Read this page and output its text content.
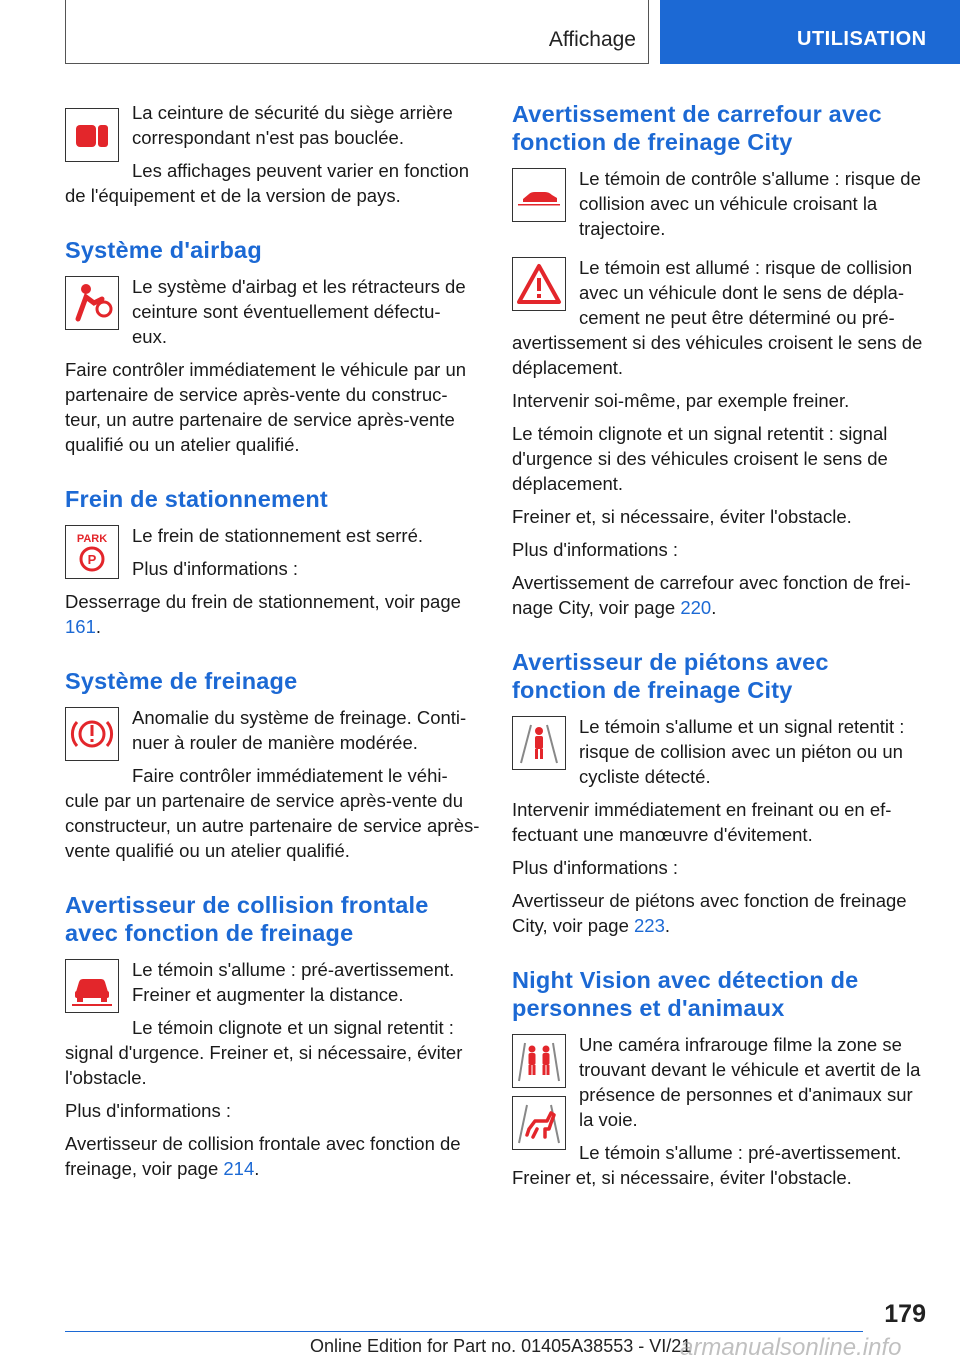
Affichage	UTILISATION

La ceinture de sécurité du siège arrière correspondant n'est pas bouclée.

Les affichages peuvent varier en fonction de l'équipement et de la version de pays.

Système d'airbag

Le système d'airbag et les rétracteurs de ceinture sont éventuellement défectu‐ eux.

Faire contrôler immédiatement le véhicule par un partenaire de service après-vente du construc‐ teur, un autre partenaire de service après-vente qualifié ou un atelier qualifié.

Frein de stationnement
PARK
P

Le frein de stationnement est serré.

Plus d'informations :

Desserrage du frein de stationnement, voir page 161.

Système de freinage

Anomalie du système de freinage. Conti‐ nuer à rouler de manière modérée.

Faire contrôler immédiatement le véhi‐ cule par un partenaire de service après-vente du constructeur, un autre partenaire de service après-vente qualifié ou un atelier qualifié.

Avertisseur de collision frontale avec fonction de freinage

Le témoin s'allume : pré-avertissement. Freiner et augmenter la distance.

Le témoin clignote et un signal retentit : signal d'urgence. Freiner et, si nécessaire, éviter l'obstacle.

Plus d'informations :

Avertisseur de collision frontale avec fonction de freinage, voir page 214.

Avertissement de carrefour avec fonction de freinage City

Le témoin de contrôle s'allume : risque de collision avec un véhicule croisant la trajectoire.

Le témoin est allumé : risque de collision avec un véhicule dont le sens de dépla‐ cement ne peut être déterminé ou pré‐ avertissement si des véhicules croisent le sens de déplacement.

Intervenir soi-même, par exemple freiner.

Le témoin clignote et un signal retentit : signal d'urgence si des véhicules croisent le sens de déplacement.

Freiner et, si nécessaire, éviter l'obstacle.

Plus d'informations :

Avertissement de carrefour avec fonction de frei‐ nage City, voir page 220.

Avertisseur de piétons avec fonction de freinage City

Le témoin s'allume et un signal retentit : risque de collision avec un piéton ou un cycliste détecté.

Intervenir immédiatement en freinant ou en ef‐ fectuant une manœuvre d'évitement.

Plus d'informations :

Avertisseur de piétons avec fonction de freinage City, voir page 223.

Night Vision avec détection de personnes et d'animaux

Une caméra infrarouge filme la zone se trouvant devant le véhicule et avertit de la présence de personnes et d'animaux sur la voie.

Le témoin s'allume : pré-avertissement. Freiner et, si nécessaire, éviter l'obstacle.

179
Online Edition for Part no. 01405A38553 - VI/21
armanualsonline.info
